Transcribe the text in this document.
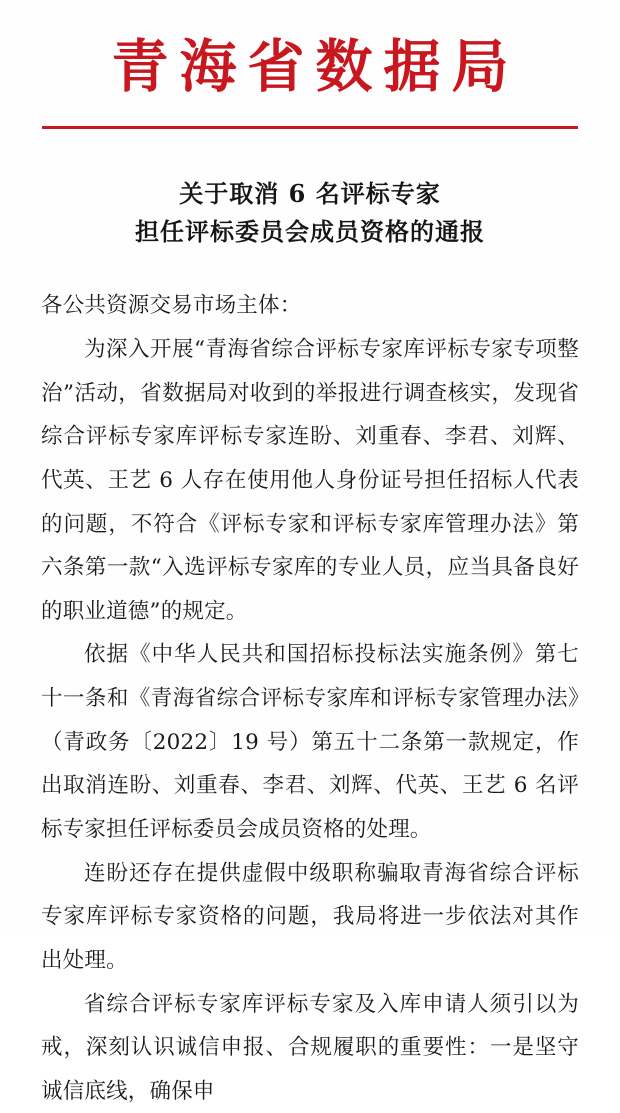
青海省数据局
关于取消 6 名评标专家
担任评标委员会成员资格的通报

各公共资源交易市场主体：

为深入开展“青海省综合评标专家库评标专家专项整治”活动，省数据局对收到的举报进行调查核实，发现省综合评标专家库评标专家连盼、刘重春、李君、刘辉、代英、王艺 6 人存在使用他人身份证号担任招标人代表的问题，不符合《评标专家和评标专家库管理办法》第六条第一款“入选评标专家库的专业人员，应当具备良好的职业道德”的规定。

依据《中华人民共和国招标投标法实施条例》第七十一条和《青海省综合评标专家库和评标专家管理办法》（青政务〔2022〕19 号）第五十二条第一款规定，作出取消连盼、刘重春、李君、刘辉、代英、王艺 6 名评标专家担任评标委员会成员资格的处理。

连盼还存在提供虚假中级职称骗取青海省综合评标专家库评标专家资格的问题，我局将进一步依法对其作出处理。

省综合评标专家库评标专家及入库申请人须引以为戒，深刻认识诚信申报、合规履职的重要性：一是坚守诚信底线，确保申
